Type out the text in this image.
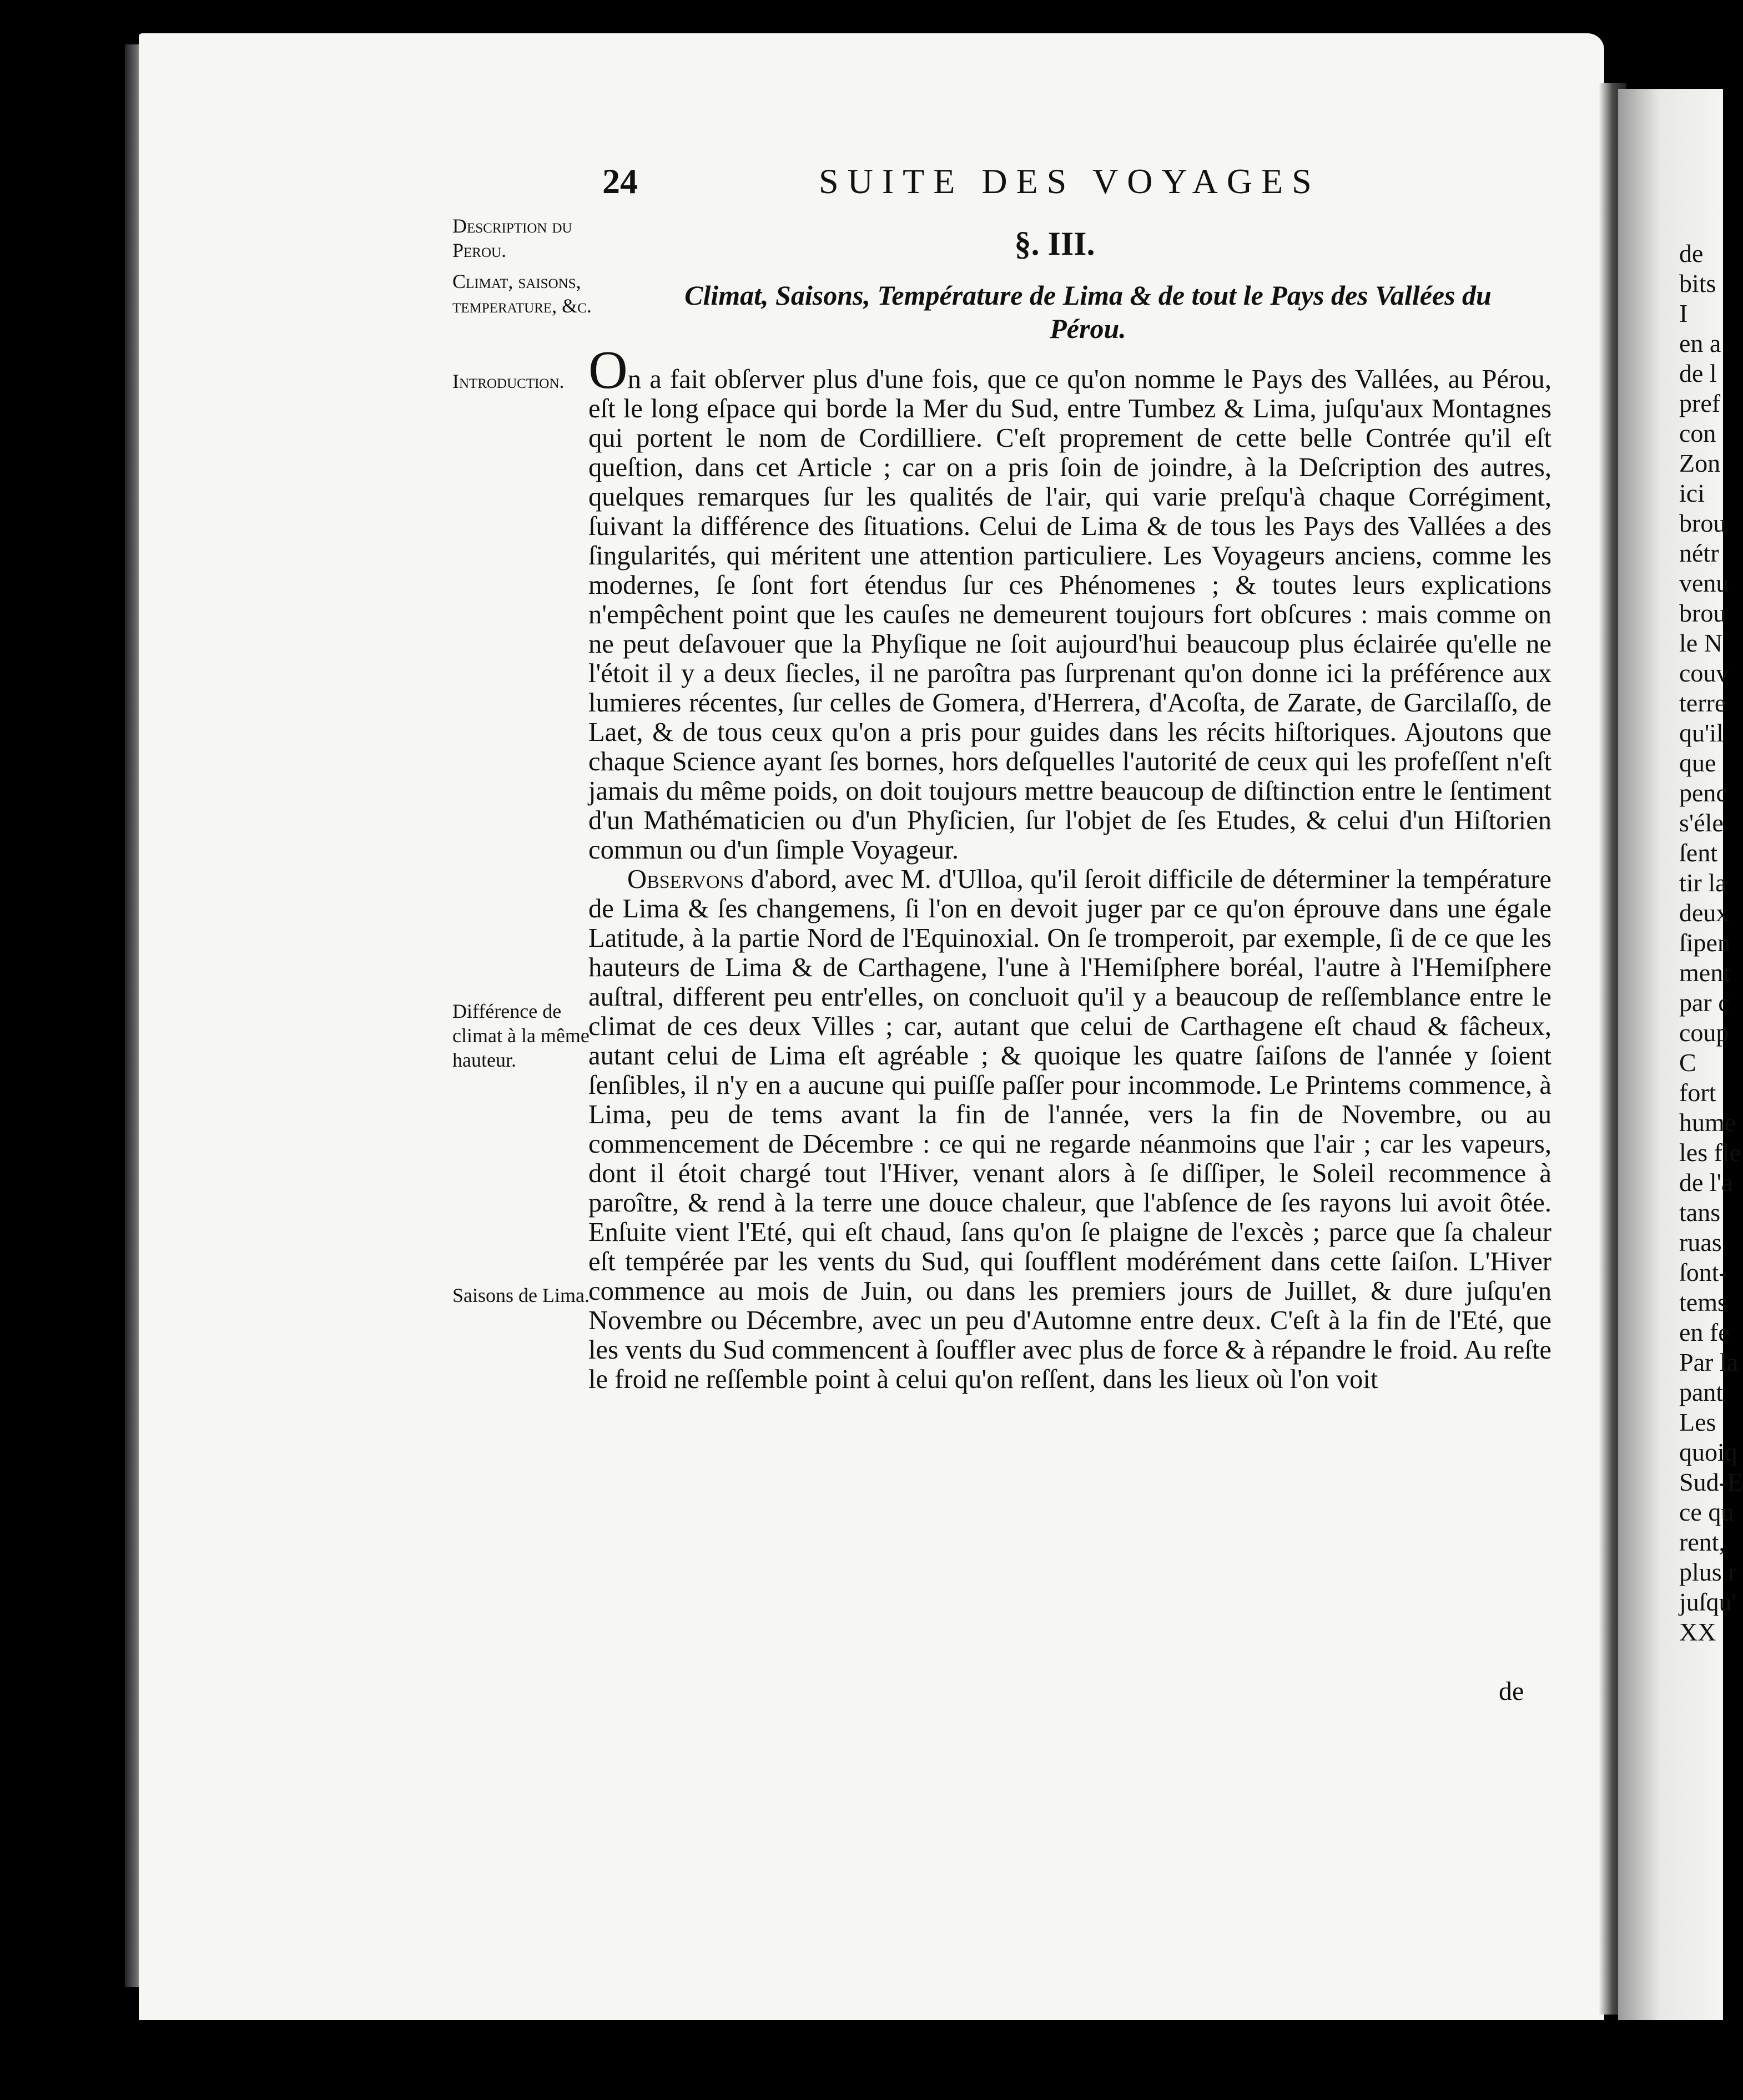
24	SUITE DES VOYAGES
Description du Perou.
Climat, saisons, temperature, &c.
Introduction.
Différence de climat à la même hauteur.
Saisons de Lima.
§. III.
Climat, Saisons, Température de Lima & de tout le Pays des Vallées du Pérou.

On a fait obſerver plus d'une fois, que ce qu'on nomme le Pays des Vallées, au Pérou, eſt le long eſpace qui borde la Mer du Sud, entre Tumbez & Lima, juſqu'aux Montagnes qui portent le nom de Cordilliere. C'eſt proprement de cette belle Contrée qu'il eſt queſtion, dans cet Article ; car on a pris ſoin de joindre, à la Deſcription des autres, quelques remarques ſur les qualités de l'air, qui varie preſqu'à chaque Corrégiment, ſuivant la différence des ſituations. Celui de Lima & de tous les Pays des Vallées a des ſingularités, qui méritent une attention particuliere. Les Voyageurs anciens, comme les modernes, ſe ſont fort étendus ſur ces Phénomenes ; & toutes leurs explications n'empêchent point que les cauſes ne demeurent toujours fort obſcures : mais comme on ne peut deſavouer que la Phyſique ne ſoit aujourd'hui beaucoup plus éclairée qu'elle ne l'étoit il y a deux ſiecles, il ne paroîtra pas ſurprenant qu'on donne ici la préférence aux lumieres récentes, ſur celles de Gomera, d'Herrera, d'Acoſta, de Zarate, de Garcilaſſo, de Laet, & de tous ceux qu'on a pris pour guides dans les récits hiſtoriques. Ajoutons que chaque Science ayant ſes bornes, hors deſquelles l'autorité de ceux qui les profeſſent n'eſt jamais du même poids, on doit toujours mettre beaucoup de diſtinction entre le ſentiment d'un Mathématicien ou d'un Phyſicien, ſur l'objet de ſes Etudes, & celui d'un Hiſtorien commun ou d'un ſimple Voyageur.

Observons d'abord, avec M. d'Ulloa, qu'il ſeroit difficile de déterminer la température de Lima & ſes changemens, ſi l'on en devoit juger par ce qu'on éprouve dans une égale Latitude, à la partie Nord de l'Equinoxial. On ſe tromperoit, par exemple, ſi de ce que les hauteurs de Lima & de Carthagene, l'une à l'Hemiſphere boréal, l'autre à l'Hemiſphere auſtral, different peu entr'elles, on concluoit qu'il y a beaucoup de reſſemblance entre le climat de ces deux Villes ; car, autant que celui de Carthagene eſt chaud & fâcheux, autant celui de Lima eſt agréable ; & quoique les quatre ſaiſons de l'année y ſoient ſenſibles, il n'y en a aucune qui puiſſe paſſer pour incommode. Le Printems commence, à Lima, peu de tems avant la fin de l'année, vers la fin de Novembre, ou au commencement de Décembre : ce qui ne regarde néanmoins que l'air ; car les vapeurs, dont il étoit chargé tout l'Hiver, venant alors à ſe diſſiper, le Soleil recommence à paroître, & rend à la terre une douce chaleur, que l'abſence de ſes rayons lui avoit ôtée. Enſuite vient l'Eté, qui eſt chaud, ſans qu'on ſe plaigne de l'excès ; parce que ſa chaleur eſt tempérée par les vents du Sud, qui ſoufflent modérément dans cette ſaiſon. L'Hiver commence au mois de Juin, ou dans les premiers jours de Juillet, & dure juſqu'en Novembre ou Décembre, avec un peu d'Automne entre deux. C'eſt à la fin de l'Eté, que les vents du Sud commencent à ſouffler avec plus de force & à répandre le froid. Au reſte le froid ne reſſemble point à celui qu'on reſſent, dans les lieux où l'on voit

de
de
bits
I
en a
de l
pref
con
Zon
ici
brou
nétr
venu
brou
le N
couv
terre
qu'il
que
penc
s'éle
ſent
tir la
deux
ſipen
ment
par c
coup
C
fort
hume
les fle
de l'a
tans
ruas
ſont-
tems
en fe
Par la
pant
Les
quoiq
Sud-E
ce qu
rent,
plus r
juſqu'
XX
